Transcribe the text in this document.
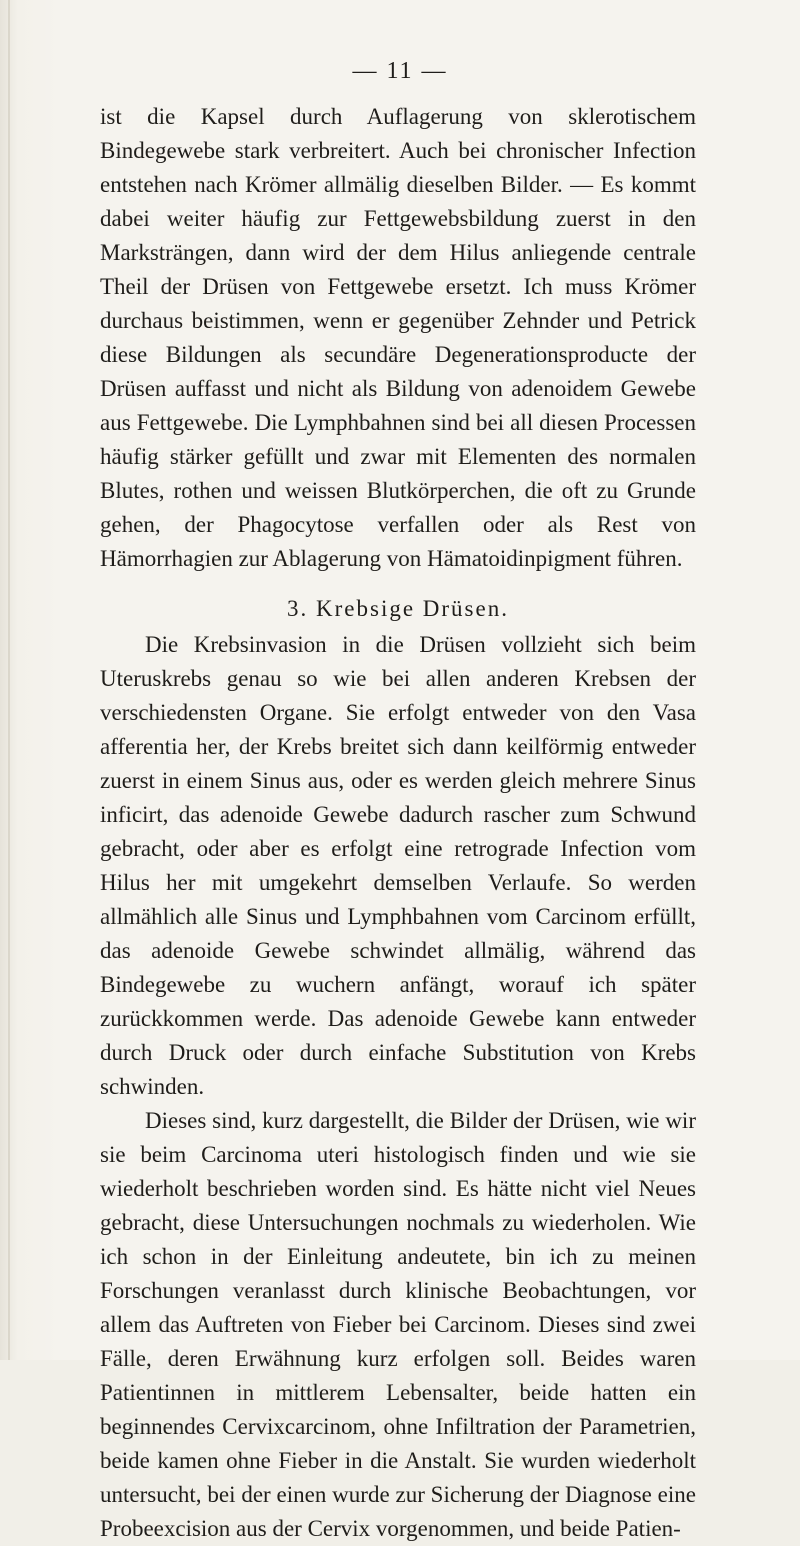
— 11 —

ist die Kapsel durch Auflagerung von sklerotischem Bindegewebe stark verbreitert. Auch bei chronischer Infection entstehen nach Krömer allmälig dieselben Bilder. — Es kommt dabei weiter häufig zur Fettgewebsbildung zuerst in den Marksträngen, dann wird der dem Hilus anliegende centrale Theil der Drüsen von Fettgewebe ersetzt. Ich muss Krömer durchaus beistimmen, wenn er gegenüber Zehnder und Petrick diese Bildungen als secundäre Degenerationsproducte der Drüsen auffasst und nicht als Bildung von adenoidem Gewebe aus Fettgewebe. Die Lymphbahnen sind bei all diesen Processen häufig stärker gefüllt und zwar mit Elementen des normalen Blutes, rothen und weissen Blutkörperchen, die oft zu Grunde gehen, der Phagocytose verfallen oder als Rest von Hämorrhagien zur Ablagerung von Hämatoidinpigment führen.

3. Krebsige Drüsen.

Die Krebsinvasion in die Drüsen vollzieht sich beim Uteruskrebs genau so wie bei allen anderen Krebsen der verschiedensten Organe. Sie erfolgt entweder von den Vasa afferentia her, der Krebs breitet sich dann keilförmig entweder zuerst in einem Sinus aus, oder es werden gleich mehrere Sinus inficirt, das adenoide Gewebe dadurch rascher zum Schwund gebracht, oder aber es erfolgt eine retrograde Infection vom Hilus her mit umgekehrt demselben Verlaufe. So werden allmählich alle Sinus und Lymphbahnen vom Carcinom erfüllt, das adenoide Gewebe schwindet allmälig, während das Bindegewebe zu wuchern anfängt, worauf ich später zurückkommen werde. Das adenoide Gewebe kann entweder durch Druck oder durch einfache Substitution von Krebs schwinden.

Dieses sind, kurz dargestellt, die Bilder der Drüsen, wie wir sie beim Carcinoma uteri histologisch finden und wie sie wiederholt beschrieben worden sind. Es hätte nicht viel Neues gebracht, diese Untersuchungen nochmals zu wiederholen. Wie ich schon in der Einleitung andeutete, bin ich zu meinen Forschungen veranlasst durch klinische Beobachtungen, vor allem das Auftreten von Fieber bei Carcinom. Dieses sind zwei Fälle, deren Erwähnung kurz erfolgen soll. Beides waren Patientinnen in mittlerem Lebensalter, beide hatten ein beginnendes Cervixcarcinom, ohne Infiltration der Parametrien, beide kamen ohne Fieber in die Anstalt. Sie wurden wiederholt untersucht, bei der einen wurde zur Sicherung der Diagnose eine Probeexcision aus der Cervix vorgenommen, und beide Patien-
